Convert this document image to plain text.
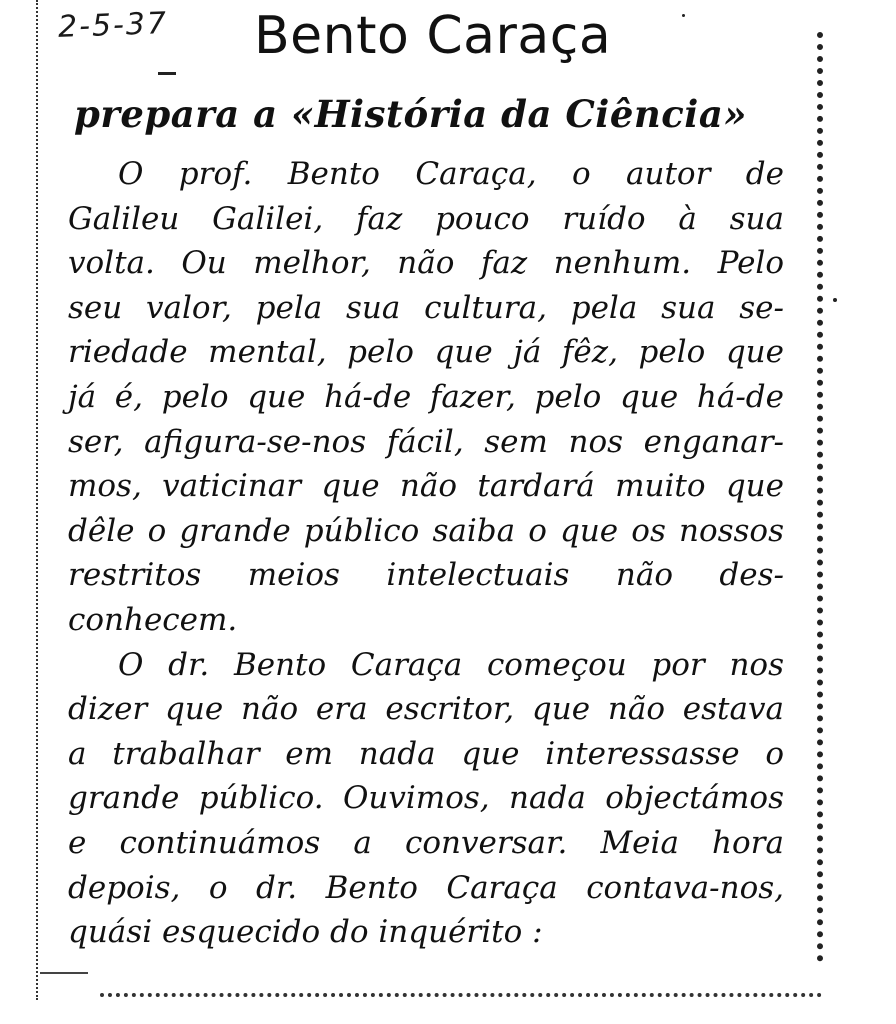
2-5-37 Bento Caraça
prepara a «História da Ciência»
O prof. Bento Caraça, o autor de
Galileu Galilei, faz pouco ruído à sua
volta. Ou melhor, não faz nenhum. Pelo
seu valor, pela sua cultura, pela sua se-
riedade mental, pelo que já fêz, pelo que
já é, pelo que há-de fazer, pelo que há-de
ser, afigura-se-nos fácil, sem nos enganar-
mos, vaticinar que não tardará muito que
dêle o grande público saiba o que os nossos
restritos meios intelectuais não des-
conhecem.
O dr. Bento Caraça começou por nos
dizer que não era escritor, que não estava
a trabalhar em nada que interessasse o
grande público. Ouvimos, nada objectámos
e continuámos a conversar. Meia hora
depois, o dr. Bento Caraça contava-nos,
quási esquecido do inquérito :
